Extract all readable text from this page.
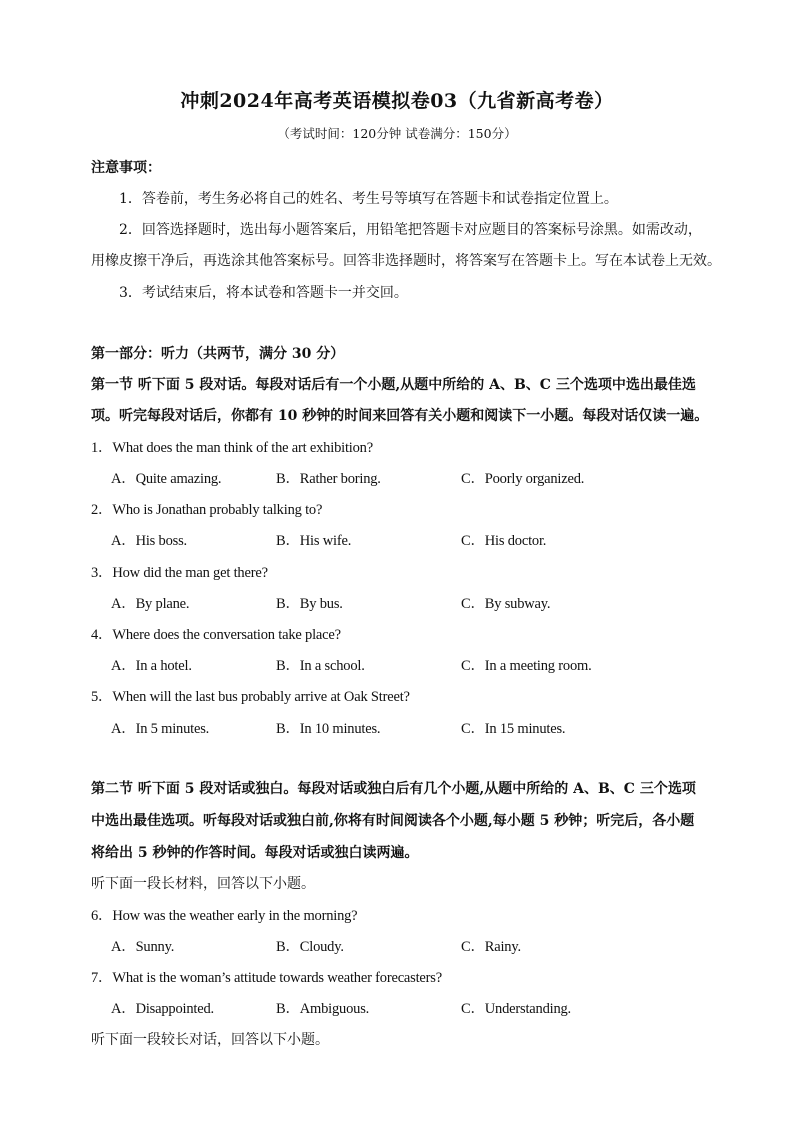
冲刺2024年高考英语模拟卷03（九省新高考卷）
（考试时间：120分钟 试卷满分：150分）
注意事项：
1．答卷前，考生务必将自己的姓名、考生号等填写在答题卡和试卷指定位置上。
2．回答选择题时，选出每小题答案后，用铅笔把答题卡对应题目的答案标号涂黑。如需改动，
用橡皮擦干净后，再选涂其他答案标号。回答非选择题时，将答案写在答题卡上。写在本试卷上无效。
3．考试结束后，将本试卷和答题卡一并交回。
第一部分：听力（共两节，满分 30 分）
第一节 听下面 5 段对话。每段对话后有一个小题,从题中所给的 A、B、C 三个选项中选出最佳选
项。听完每段对话后，你都有 10 秒钟的时间来回答有关小题和阅读下一小题。每段对话仅读一遍。
1．What does the man think of the art exhibition?
A．Quite amazing.	B．Rather boring.	C．Poorly organized.
2．Who is Jonathan probably talking to?
A．His boss.	B．His wife.	C．His doctor.
3．How did the man get there?
A．By plane.	B．By bus.	C．By subway.
4．Where does the conversation take place?
A．In a hotel.	B．In a school.	C．In a meeting room.
5．When will the last bus probably arrive at Oak Street?
A．In 5 minutes.	B．In 10 minutes.	C．In 15 minutes.
第二节 听下面 5 段对话或独白。每段对话或独白后有几个小题,从题中所给的 A、B、C 三个选项
中选出最佳选项。听每段对话或独白前,你将有时间阅读各个小题,每小题 5 秒钟；听完后，各小题
将给出 5 秒钟的作答时间。每段对话或独白读两遍。
听下面一段长材料，回答以下小题。
6．How was the weather early in the morning?
A．Sunny.	B．Cloudy.	C．Rainy.
7．What is the woman’s attitude towards weather forecasters?
A．Disappointed.	B．Ambiguous.	C．Understanding.
听下面一段较长对话，回答以下小题。
